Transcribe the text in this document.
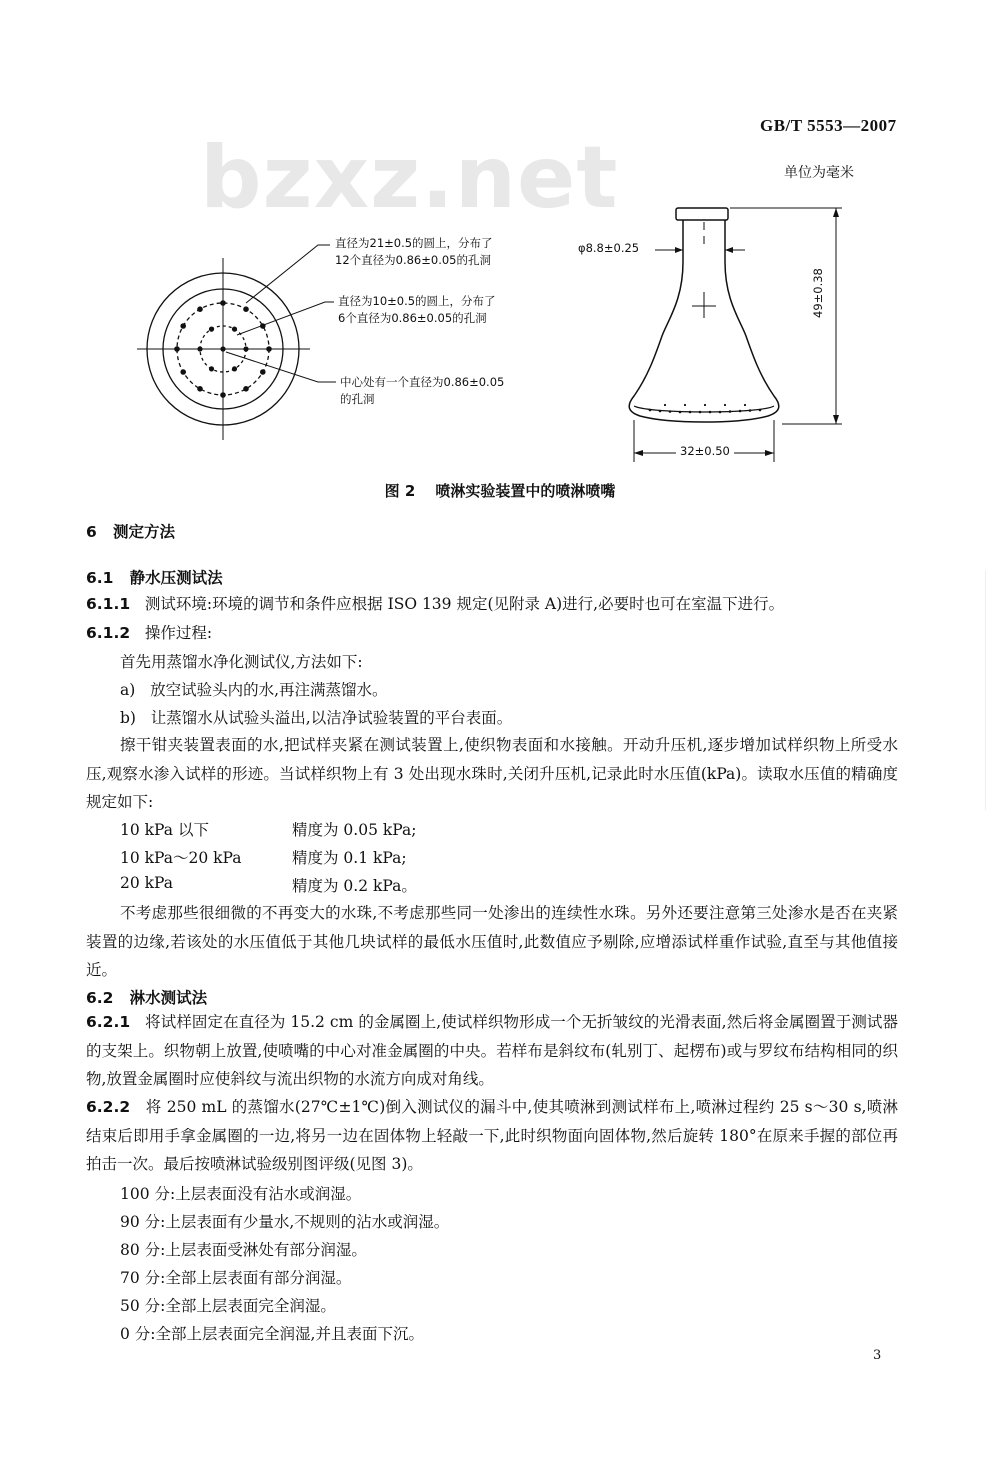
GB/T 5553—2007
bzxz.net	单位为毫米
直径为21±0.5的圆上，分布了
12个直径为0.86±0.05的孔洞
直径为10±0.5的圆上，分布了
6个直径为0.86±0.05的孔洞
中心处有一个直径为0.86±0.05
的孔洞
φ8.8±0.25
49±0.38
32±0.50
图 2 喷淋实验装置中的喷淋喷嘴
6 测定方法
6.1 静水压测试法
6.1.1 测试环境:环境的调节和条件应根据 ISO 139 规定(见附录 A)进行,必要时也可在室温下进行。
6.1.2 操作过程:
首先用蒸馏水净化测试仪,方法如下:
a) 放空试验头内的水,再注满蒸馏水。
b) 让蒸馏水从试验头溢出,以洁净试验装置的平台表面。
擦干钳夹装置表面的水,把试样夹紧在测试装置上,使织物表面和水接触。开动升压机,逐步增加试样织物上所受水压,观察水渗入试样的形迹。当试样织物上有 3 处出现水珠时,关闭升压机,记录此时水压值(kPa)。读取水压值的精确度规定如下:
10 kPa 以下	精度为 0.05 kPa;
10 kPa～20 kPa	精度为 0.1 kPa;
20 kPa	精度为 0.2 kPa。
不考虑那些很细微的不再变大的水珠,不考虑那些同一处渗出的连续性水珠。另外还要注意第三处渗水是否在夹紧装置的边缘,若该处的水压值低于其他几块试样的最低水压值时,此数值应予剔除,应增添试样重作试验,直至与其他值接近。
6.2 淋水测试法
6.2.1 将试样固定在直径为 15.2 cm 的金属圈上,使试样织物形成一个无折皱纹的光滑表面,然后将金属圈置于测试器的支架上。织物朝上放置,使喷嘴的中心对准金属圈的中央。若样布是斜纹布(轧别丁、起楞布)或与罗纹布结构相同的织物,放置金属圈时应使斜纹与流出织物的水流方向成对角线。
6.2.2 将 250 mL 的蒸馏水(27℃±1℃)倒入测试仪的漏斗中,使其喷淋到测试样布上,喷淋过程约 25 s～30 s,喷淋结束后即用手拿金属圈的一边,将另一边在固体物上轻敲一下,此时织物面向固体物,然后旋转 180°在原来手握的部位再拍击一次。最后按喷淋试验级别图评级(见图 3)。
100 分:上层表面没有沾水或润湿。
90 分:上层表面有少量水,不规则的沾水或润湿。
80 分:上层表面受淋处有部分润湿。
70 分:全部上层表面有部分润湿。
50 分:全部上层表面完全润湿。
0 分:全部上层表面完全润湿,并且表面下沉。
3
